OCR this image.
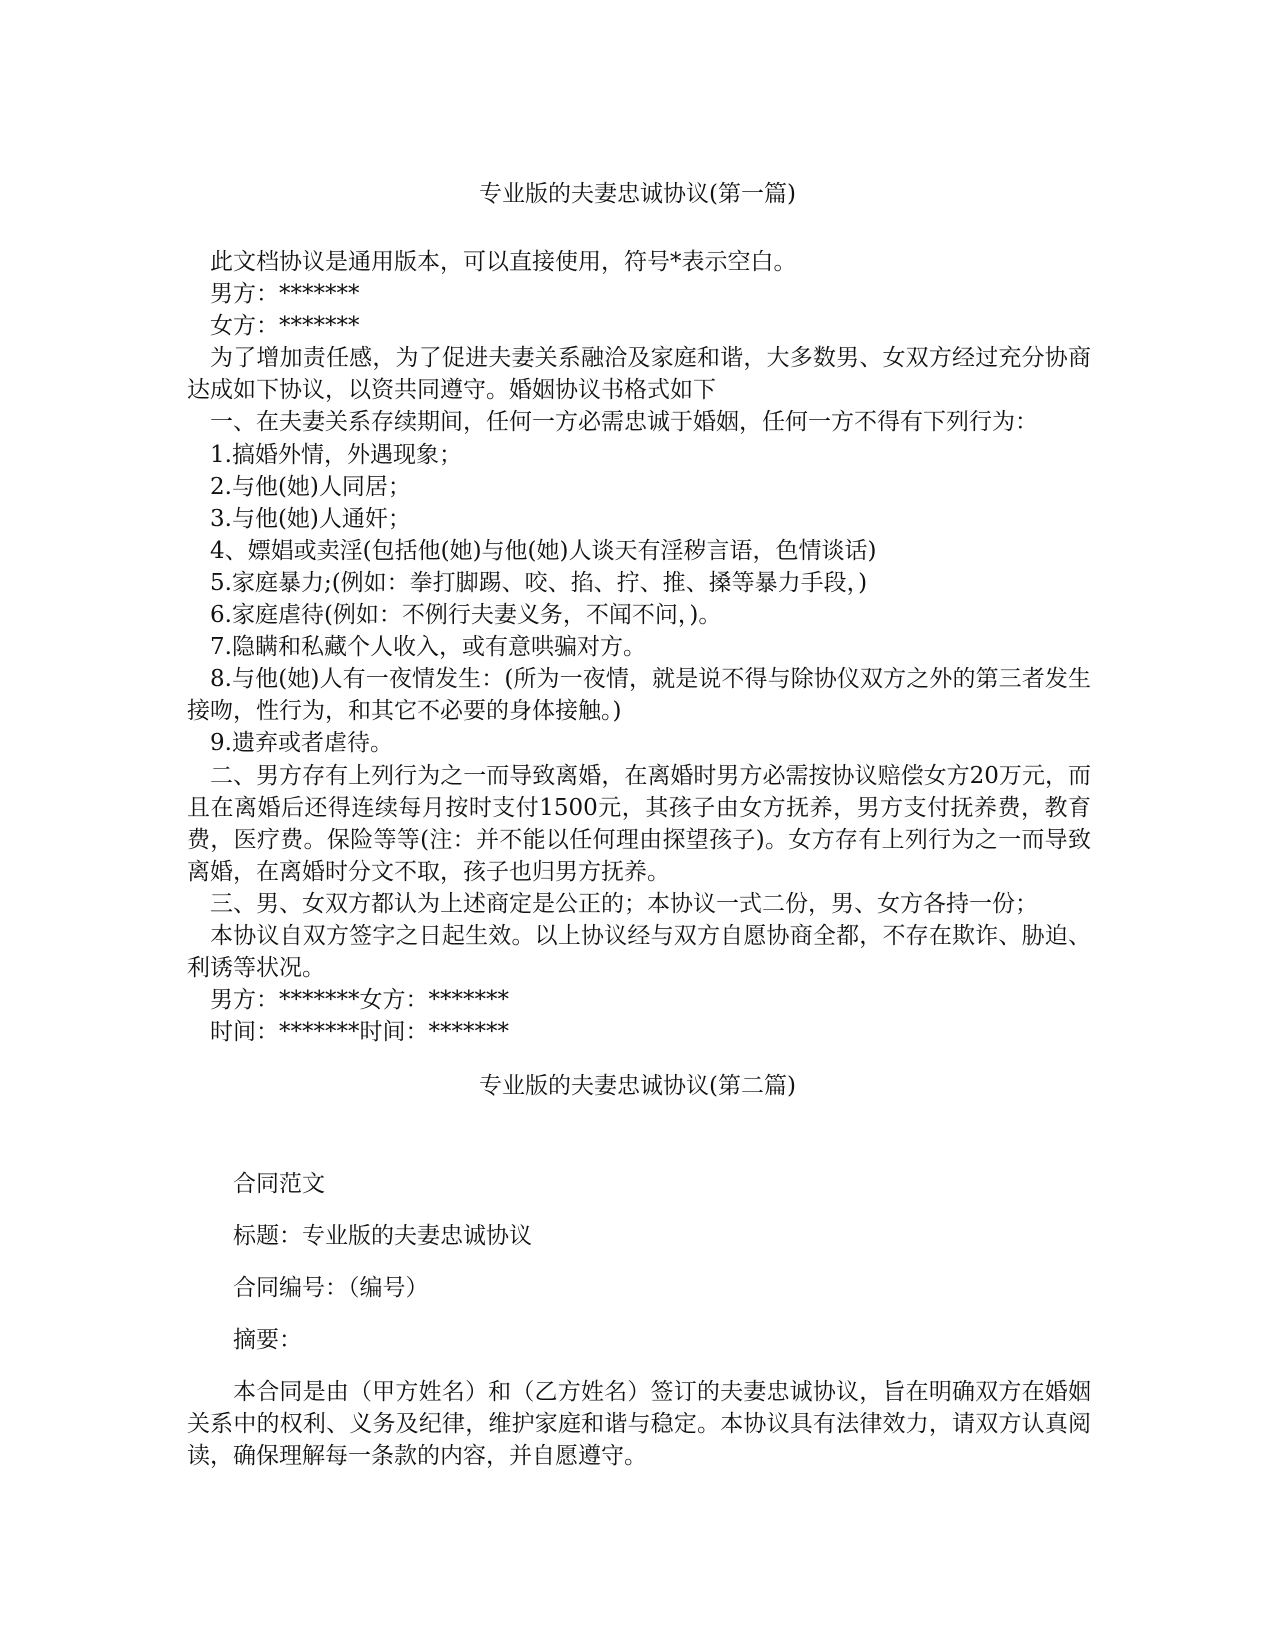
专业版的夫妻忠诚协议(第一篇)

此文档协议是通用版本，可以直接使用，符号*表示空白。

男方：*******

女方：*******

为了增加责任感，为了促进夫妻关系融洽及家庭和谐，大多数男、女双方经过充分协商达成如下协议，以资共同遵守。婚姻协议书格式如下

一、在夫妻关系存续期间，任何一方必需忠诚于婚姻，任何一方不得有下列行为：

1.搞婚外情，外遇现象；

2.与他(她)人同居；

3.与他(她)人通奸；

4、嫖娼或卖淫(包括他(她)与他(她)人谈天有淫秽言语，色情谈话)

5.家庭暴力;(例如：拳打脚踢、咬、掐、拧、推、搡等暴力手段，)

6.家庭虐待(例如：不例行夫妻义务，不闻不问，)。

7.隐瞒和私藏个人收入，或有意哄骗对方。

8.与他(她)人有一夜情发生：(所为一夜情，就是说不得与除协仪双方之外的第三者发生接吻，性行为，和其它不必要的身体接触。)

9.遗弃或者虐待。

二、男方存有上列行为之一而导致离婚，在离婚时男方必需按协议赔偿女方20万元，而且在离婚后还得连续每月按时支付1500元，其孩子由女方抚养，男方支付抚养费，教育费，医疗费。保险等等(注：并不能以任何理由探望孩子)。女方存有上列行为之一而导致离婚，在离婚时分文不取，孩子也归男方抚养。

三、男、女双方都认为上述商定是公正的；本协议一式二份，男、女方各持一份；

本协议自双方签字之日起生效。以上协议经与双方自愿协商全都，不存在欺诈、胁迫、利诱等状况。

男方：*******女方：*******

时间：*******时间：*******

专业版的夫妻忠诚协议(第二篇)

合同范文

标题：专业版的夫妻忠诚协议

合同编号：（编号）

摘要：

本合同是由（甲方姓名）和（乙方姓名）签订的夫妻忠诚协议，旨在明确双方在婚姻关系中的权利、义务及纪律，维护家庭和谐与稳定。本协议具有法律效力，请双方认真阅读，确保理解每一条款的内容，并自愿遵守。
